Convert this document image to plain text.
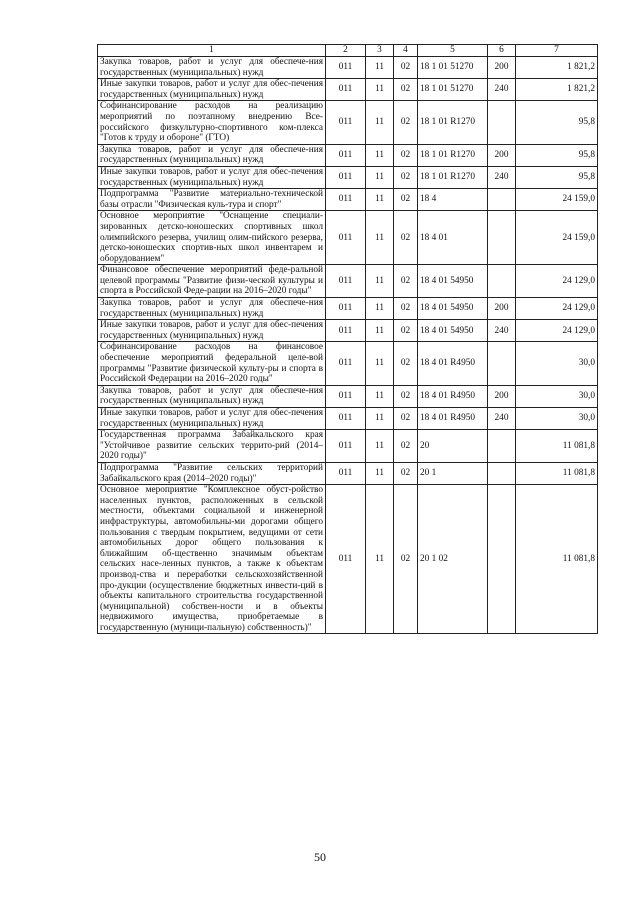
1	2	3	4	5	6	7
Закупка товаров, работ и услуг для обеспече-ния государственных (муниципальных) нужд	011	11	02	18 1 01 51270	200	1 821,2
Иные закупки товаров, работ и услуг для обес-печения государственных (муниципальных) нужд	011	11	02	18 1 01 51270	240	1 821,2
Софинансирование расходов на реализацию мероприятий по поэтапному внедрению Все-российского физкультурно-спортивного ком-плекса "Готов к труду и обороне" (ГТО)	011	11	02	18 1 01 R1270		95,8
Закупка товаров, работ и услуг для обеспече-ния государственных (муниципальных) нужд	011	11	02	18 1 01 R1270	200	95,8
Иные закупки товаров, работ и услуг для обес-печения государственных (муниципальных) нужд	011	11	02	18 1 01 R1270	240	95,8
Подпрограмма "Развитие материально-технической базы отрасли "Физическая куль-тура и спорт"	011	11	02	18 4		24 159,0
Основное мероприятие "Оснащение специали-зированных детско-юношеских спортивных школ олимпийского резерва, училищ олим-пийского резерва, детско-юношеских спортив-ных школ инвентарем и оборудованием"	011	11	02	18 4 01		24 159,0
Финансовое обеспечение мероприятий феде-ральной целевой программы "Развитие физи-ческой культуры и спорта в Российской Феде-рации на 2016–2020 годы"	011	11	02	18 4 01 54950		24 129,0
Закупка товаров, работ и услуг для обеспече-ния государственных (муниципальных) нужд	011	11	02	18 4 01 54950	200	24 129,0
Иные закупки товаров, работ и услуг для обес-печения государственных (муниципальных) нужд	011	11	02	18 4 01 54950	240	24 129,0
Софинансирование расходов на финансовое обеспечение мероприятий федеральной целе-вой программы "Развитие физической культу-ры и спорта в Российской Федерации на 2016–2020 годы"	011	11	02	18 4 01 R4950		30,0
Закупка товаров, работ и услуг для обеспече-ния государственных (муниципальных) нужд	011	11	02	18 4 01 R4950	200	30,0
Иные закупки товаров, работ и услуг для обес-печения государственных (муниципальных) нужд	011	11	02	18 4 01 R4950	240	30,0
Государственная программа Забайкальского края "Устойчивое развитие сельских террито-рий (2014–2020 годы)"	011	11	02	20		11 081,8
Подпрограмма "Развитие сельских территорий Забайкальского края (2014–2020 годы)"	011	11	02	20 1		11 081,8
Основное мероприятие "Комплексное обуст-ройство населенных пунктов, расположенных в сельской местности, объектами социальной и инженерной инфраструктуры, автомобильны-ми дорогами общего пользования с твердым покрытием, ведущими от сети автомобильных дорог общего пользования к ближайшим об-щественно значимым объектам сельских насе-ленных пунктов, а также к объектам производ-ства и переработки сельскохозяйственной про-дукции (осуществление бюджетных инвести-ций в объекты капитального строительства государственной (муниципальной) собствен-ности и в объекты недвижимого имущества, приобретаемые в государственную (муници-пальную) собственность)"	011	11	02	20 1 02		11 081,8
50
